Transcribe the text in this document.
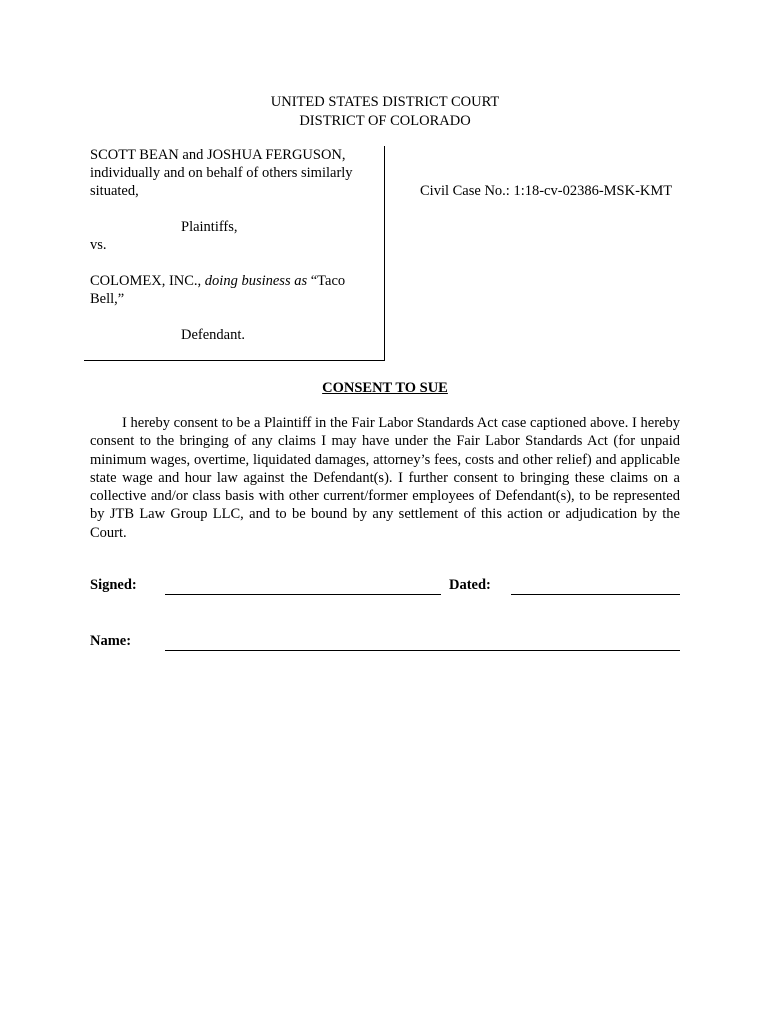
UNITED STATES DISTRICT COURT
DISTRICT OF COLORADO
SCOTT BEAN and JOSHUA FERGUSON, individually and on behalf of others similarly situated,
Plaintiffs,
vs.
COLOMEX, INC., doing business as “Taco Bell,”
Defendant.
Civil Case No.: 1:18-cv-02386-MSK-KMT
CONSENT TO SUE

I hereby consent to be a Plaintiff in the Fair Labor Standards Act case captioned above. I hereby consent to the bringing of any claims I may have under the Fair Labor Standards Act (for unpaid minimum wages, overtime, liquidated damages, attorney’s fees, costs and other relief) and applicable state wage and hour law against the Defendant(s). I further consent to bringing these claims on a collective and/or class basis with other current/former employees of Defendant(s), to be represented by JTB Law Group LLC, and to be bound by any settlement of this action or adjudication by the Court.

Signed:	Dated:
Name:
